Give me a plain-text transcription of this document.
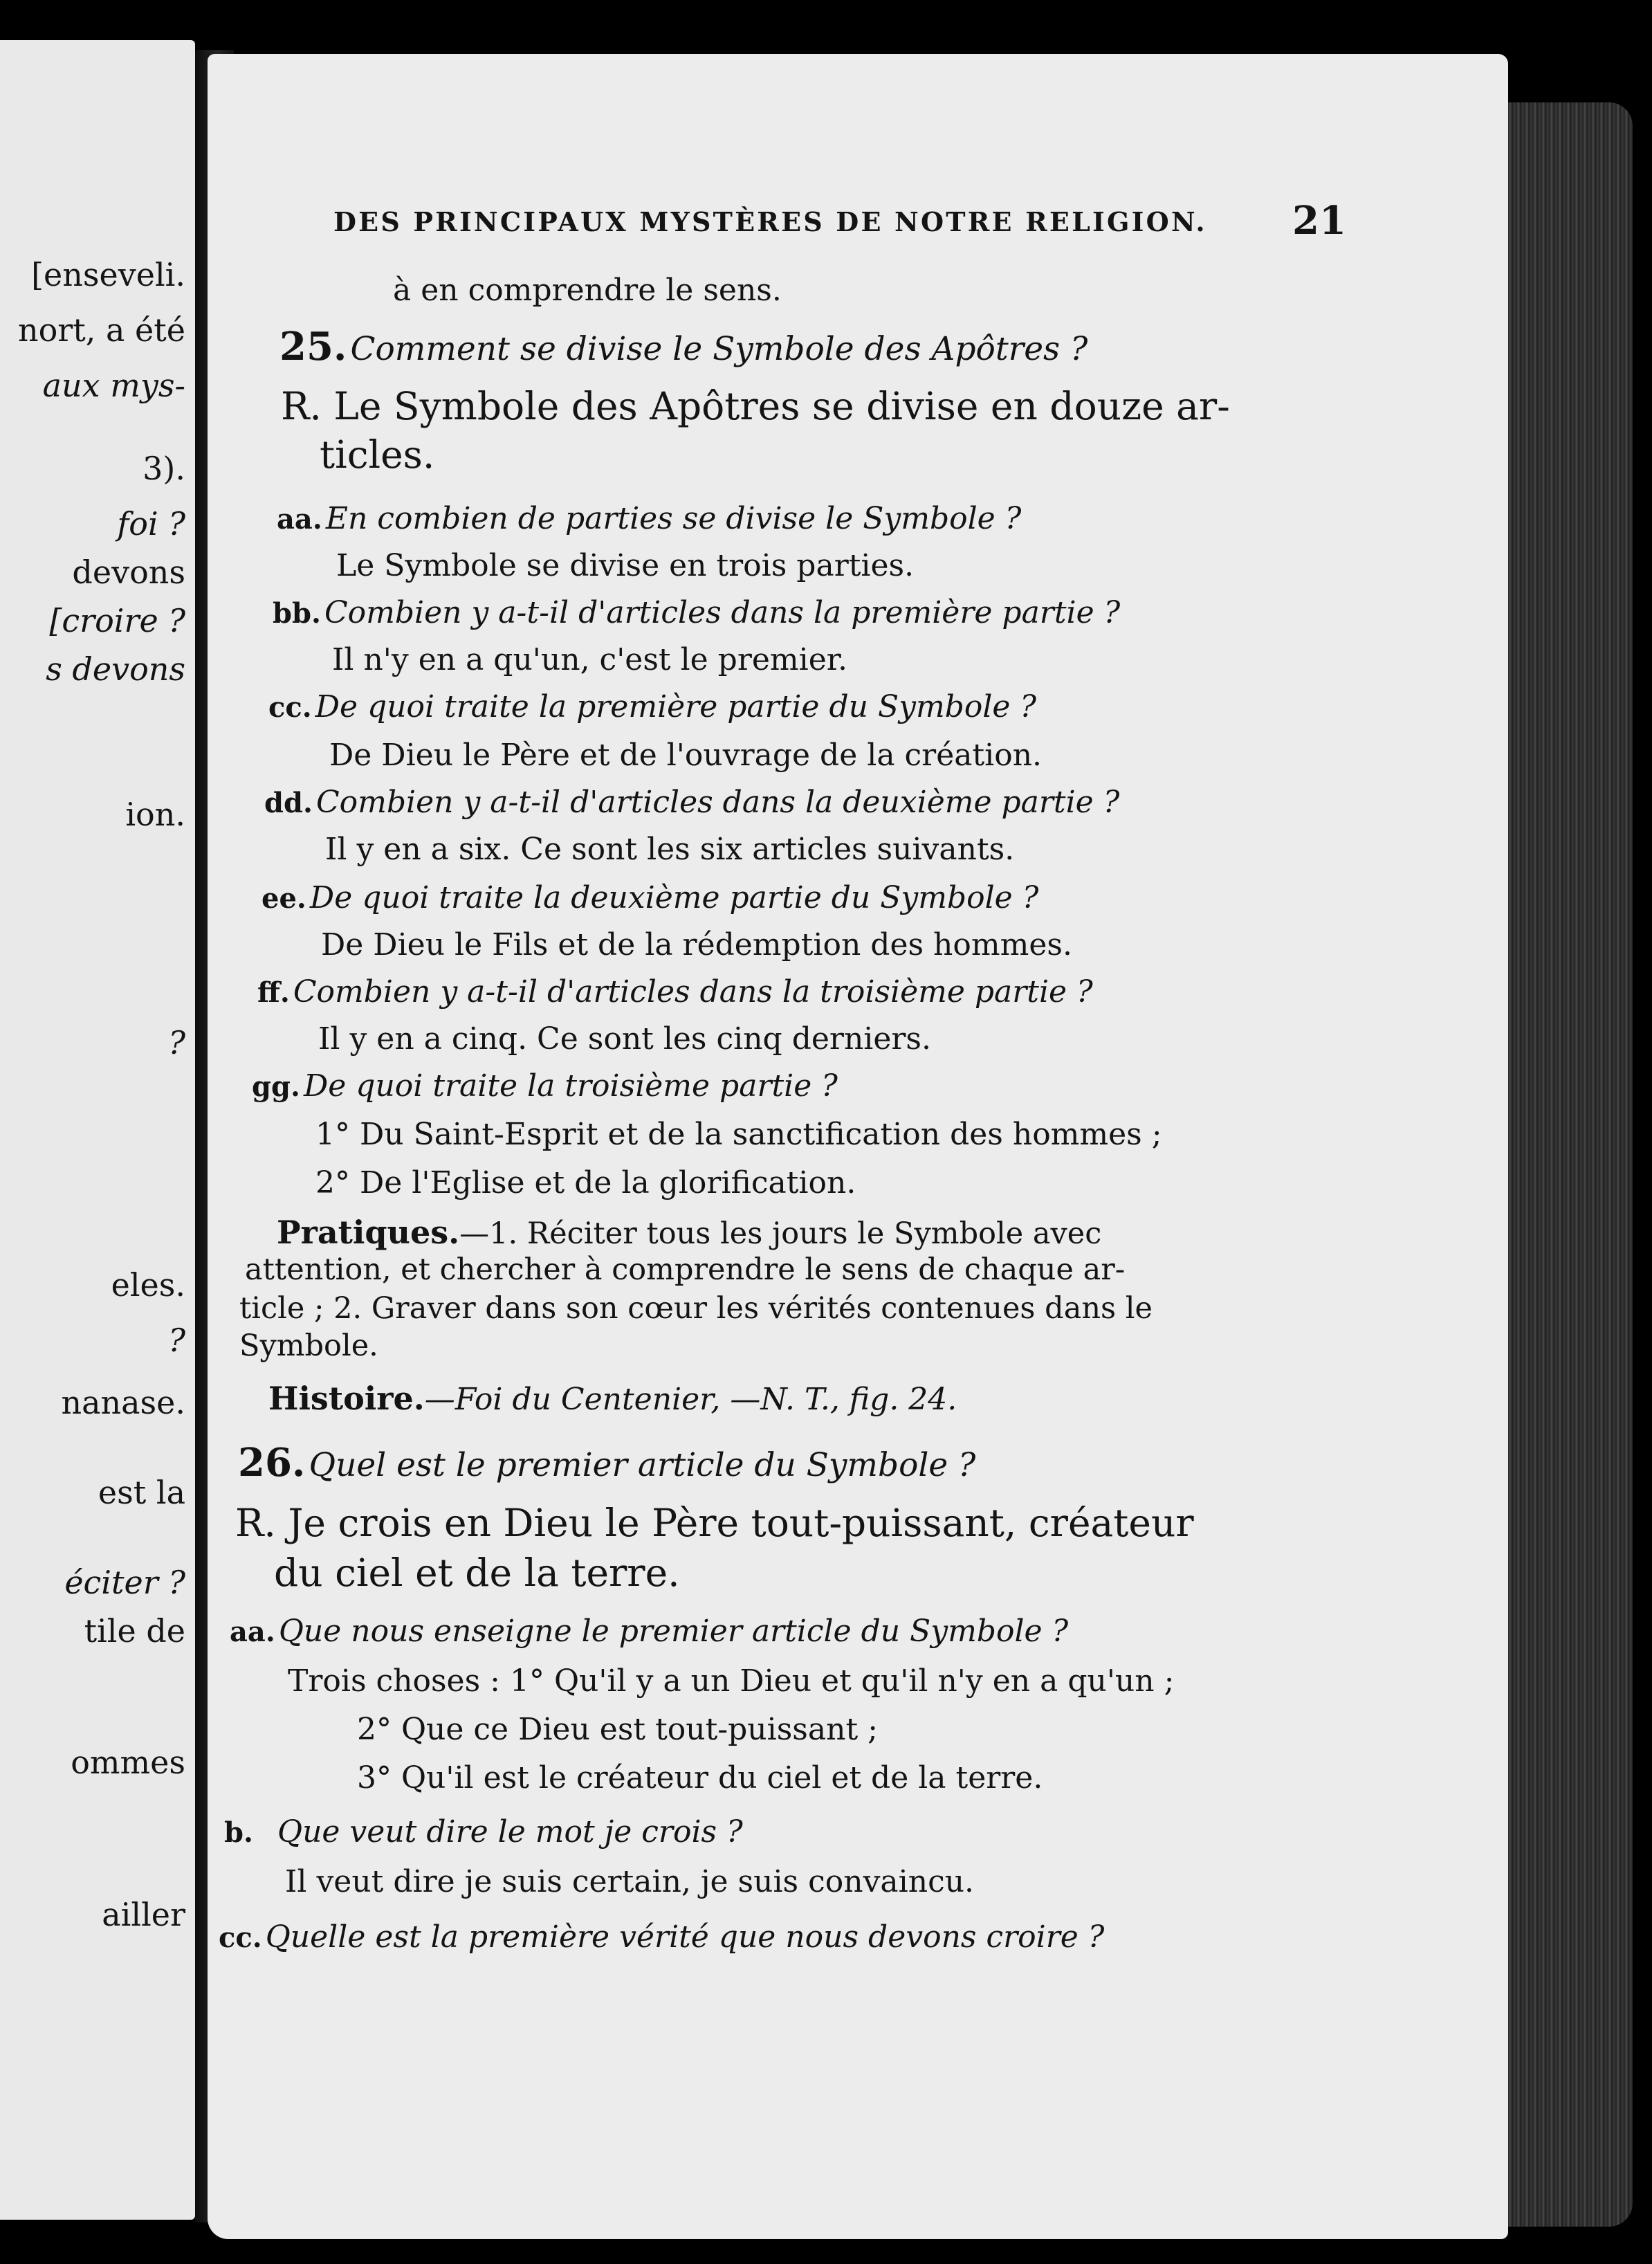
[enseveli.
nort, a été
aux mys-
3).
foi ?
devons
[croire ?
s devons
ion.
?
eles.
?
nanase.
est la
éciter ?
tile de
ommes
ailler
DES PRINCIPAUX MYSTÈRES DE NOTRE RELIGION. 21
à en comprendre le sens.
25. Comment se divise le Symbole des Apôtres ?
R. Le Symbole des Apôtres se divise en douze ar-
ticles.
aa. En combien de parties se divise le Symbole ?
Le Symbole se divise en trois parties.
bb. Combien y a-t-il d'articles dans la première partie ?
Il n'y en a qu'un, c'est le premier.
cc. De quoi traite la première partie du Symbole ?
De Dieu le Père et de l'ouvrage de la création.
dd. Combien y a-t-il d'articles dans la deuxième partie ?
Il y en a six. Ce sont les six articles suivants.
ee. De quoi traite la deuxième partie du Symbole ?
De Dieu le Fils et de la rédemption des hommes.
ff. Combien y a-t-il d'articles dans la troisième partie ?
Il y en a cinq. Ce sont les cinq derniers.
gg. De quoi traite la troisième partie ?
1° Du Saint-Esprit et de la sanctification des hommes ;
2° De l'Eglise et de la glorification.
Pratiques.—1. Réciter tous les jours le Symbole avec
attention, et chercher à comprendre le sens de chaque ar-
ticle ; 2. Graver dans son cœur les vérités contenues dans le
Symbole.
Histoire.—Foi du Centenier, —N. T., fig. 24.
26. Quel est le premier article du Symbole ?
R. Je crois en Dieu le Père tout-puissant, créateur
du ciel et de la terre.
aa. Que nous enseigne le premier article du Symbole ?
Trois choses : 1° Qu'il y a un Dieu et qu'il n'y en a qu'un ;
2° Que ce Dieu est tout-puissant ;
3° Qu'il est le créateur du ciel et de la terre.
b. Que veut dire le mot je crois ?
Il veut dire je suis certain, je suis convaincu.
cc. Quelle est la première vérité que nous devons croire ?
